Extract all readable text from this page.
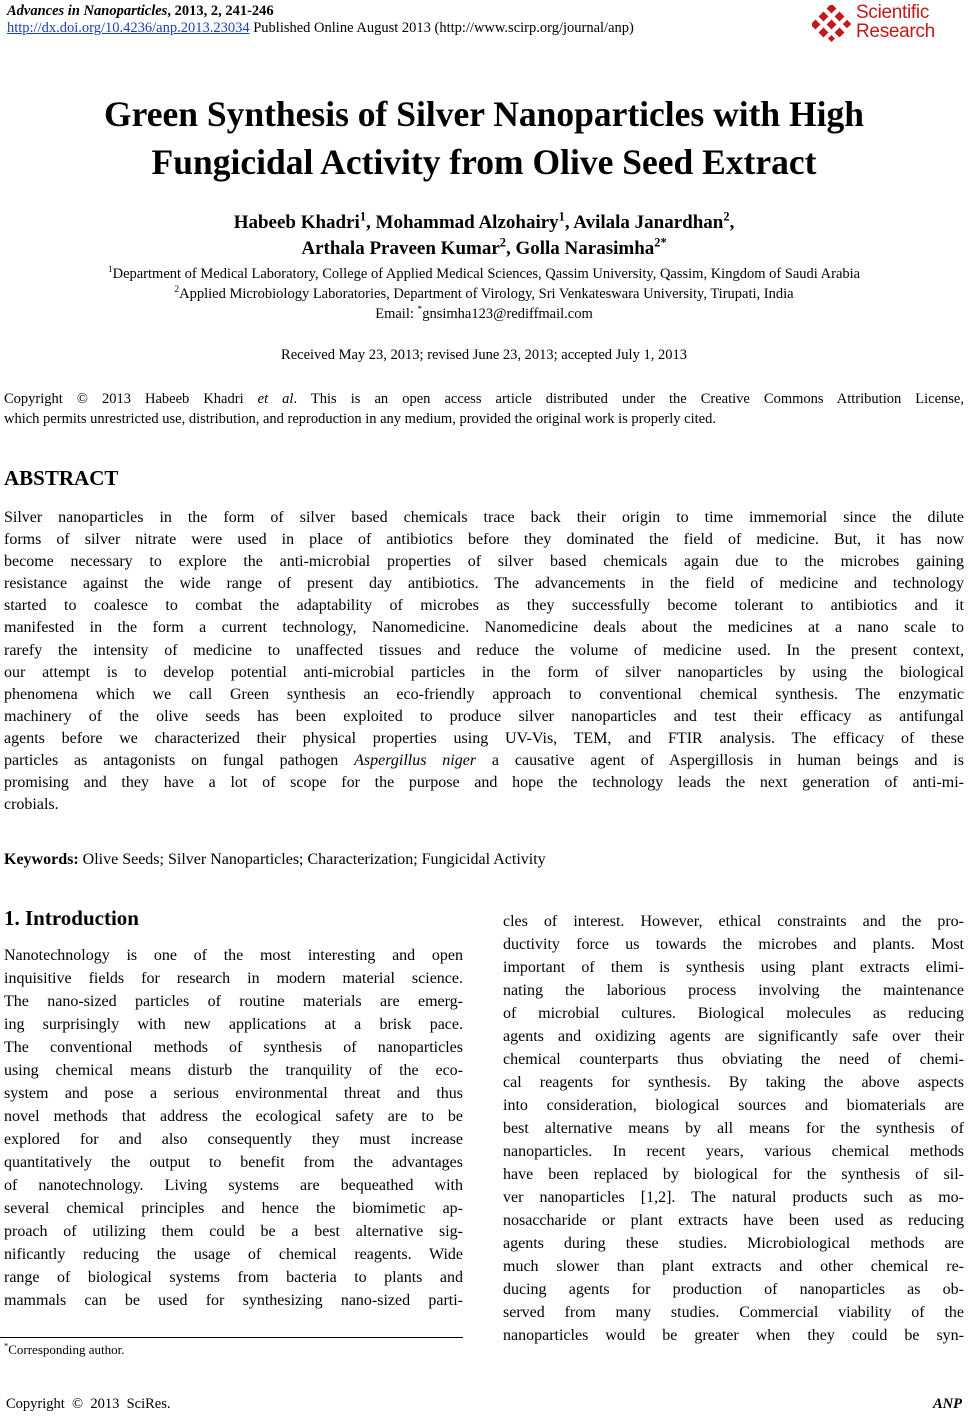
Advances in Nanoparticles, 2013, 2, 241-246
http://dx.doi.org/10.4236/anp.2013.23034 Published Online August 2013 (http://www.scirp.org/journal/anp)
Scientific
Research
Green Synthesis of Silver Nanoparticles with High
Fungicidal Activity from Olive Seed Extract
Habeeb Khadri$^1$, Mohammad Alzohairy$^1$, Avilala Janardhan$^2$,
Arthala Praveen Kumar$^2$, Golla Narasimha$^{2*}$
$^1$Department of Medical Laboratory, College of Applied Medical Sciences, Qassim University, Qassim, Kingdom of Saudi Arabia
$^2$Applied Microbiology Laboratories, Department of Virology, Sri Venkateswara University, Tirupati, India
Email: *gnsimha123@rediffmail.com
Received May 23, 2013; revised June 23, 2013; accepted July 1, 2013
Copyright © 2013 Habeeb Khadri et al. This is an open access article distributed under the Creative Commons Attribution License,
which permits unrestricted use, distribution, and reproduction in any medium, provided the original work is properly cited.
ABSTRACT
Silver nanoparticles in the form of silver based chemicals trace back their origin to time immemorial since the dilute
forms of silver nitrate were used in place of antibiotics before they dominated the field of medicine. But, it has now
become necessary to explore the anti-microbial properties of silver based chemicals again due to the microbes gaining
resistance against the wide range of present day antibiotics. The advancements in the field of medicine and technology
started to coalesce to combat the adaptability of microbes as they successfully become tolerant to antibiotics and it
manifested in the form a current technology, Nanomedicine. Nanomedicine deals about the medicines at a nano scale to
rarefy the intensity of medicine to unaffected tissues and reduce the volume of medicine used. In the present context,
our attempt is to develop potential anti-microbial particles in the form of silver nanoparticles by using the biological
phenomena which we call Green synthesis an eco-friendly approach to conventional chemical synthesis. The enzymatic
machinery of the olive seeds has been exploited to produce silver nanoparticles and test their efficacy as antifungal
agents before we characterized their physical properties using UV-Vis, TEM, and FTIR analysis. The efficacy of these
particles as antagonists on fungal pathogen Aspergillus niger a causative agent of Aspergillosis in human beings and is
promising and they have a lot of scope for the purpose and hope the technology leads the next generation of anti-mi-
crobials.
Keywords: Olive Seeds; Silver Nanoparticles; Characterization; Fungicidal Activity
1. Introduction
Nanotechnology is one of the most interesting and open
inquisitive fields for research in modern material science.
The nano-sized particles of routine materials are emerg-
ing surprisingly with new applications at a brisk pace.
The conventional methods of synthesis of nanoparticles
using chemical means disturb the tranquility of the eco-
system and pose a serious environmental threat and thus
novel methods that address the ecological safety are to be
explored for and also consequently they must increase
quantitatively the output to benefit from the advantages
of nanotechnology. Living systems are bequeathed with
several chemical principles and hence the biomimetic ap-
proach of utilizing them could be a best alternative sig-
nificantly reducing the usage of chemical reagents. Wide
range of biological systems from bacteria to plants and
mammals can be used for synthesizing nano-sized parti-
cles of interest. However, ethical constraints and the pro-
ductivity force us towards the microbes and plants. Most
important of them is synthesis using plant extracts elimi-
nating the laborious process involving the maintenance
of microbial cultures. Biological molecules as reducing
agents and oxidizing agents are significantly safe over their
chemical counterparts thus obviating the need of chemi-
cal reagents for synthesis. By taking the above aspects
into consideration, biological sources and biomaterials are
best alternative means by all means for the synthesis of
nanoparticles. In recent years, various chemical methods
have been replaced by biological for the synthesis of sil-
ver nanoparticles [1,2]. The natural products such as mo-
nosaccharide or plant extracts have been used as reducing
agents during these studies. Microbiological methods are
much slower than plant extracts and other chemical re-
ducing agents for production of nanoparticles as ob-
served from many studies. Commercial viability of the
nanoparticles would be greater when they could be syn-
*Corresponding author.
Copyright  ©  2013  SciRes.	ANP
